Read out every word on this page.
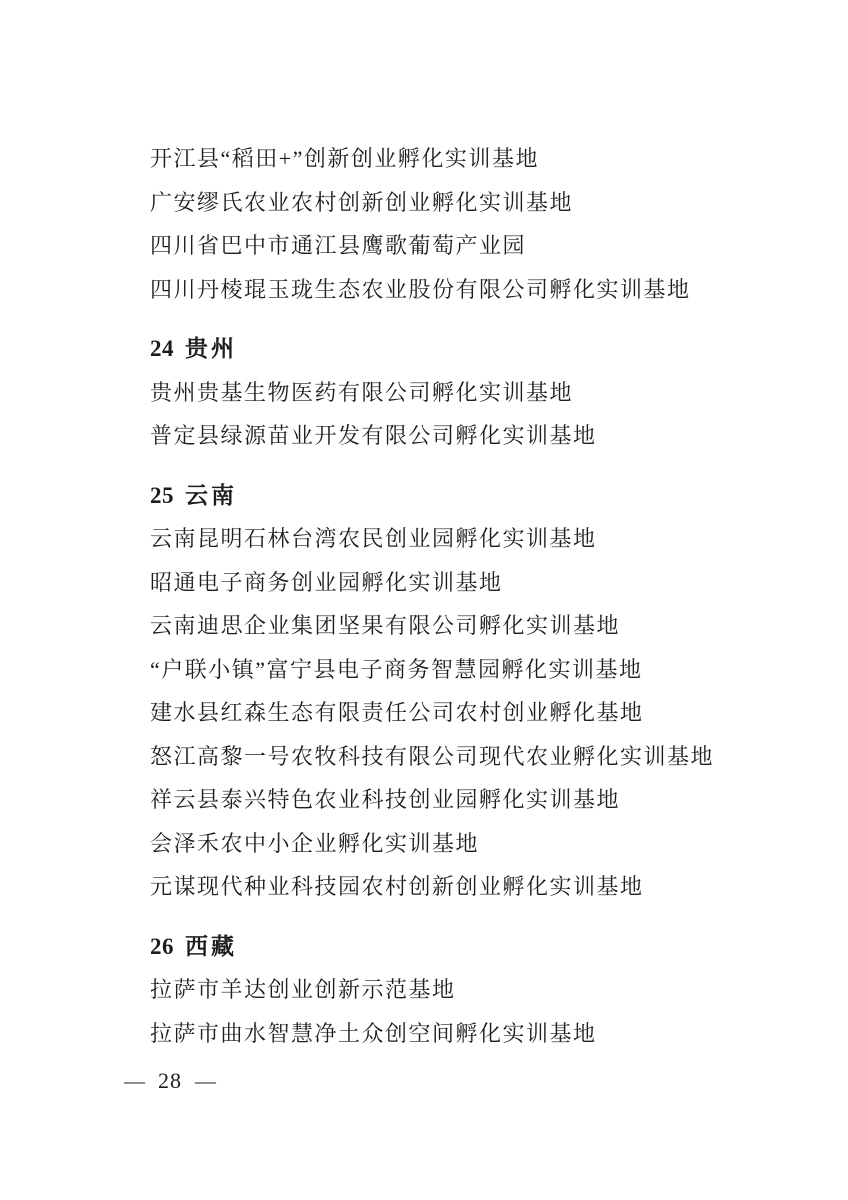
开江县“稻田+”创新创业孵化实训基地

广安缪氏农业农村创新创业孵化实训基地

四川省巴中市通江县鹰歌葡萄产业园

四川丹棱琨玉珑生态农业股份有限公司孵化实训基地

24 贵州

贵州贵基生物医药有限公司孵化实训基地

普定县绿源苗业开发有限公司孵化实训基地

25 云南

云南昆明石林台湾农民创业园孵化实训基地

昭通电子商务创业园孵化实训基地

云南迪思企业集团坚果有限公司孵化实训基地

“户联小镇”富宁县电子商务智慧园孵化实训基地

建水县红森生态有限责任公司农村创业孵化基地

怒江高黎一号农牧科技有限公司现代农业孵化实训基地

祥云县泰兴特色农业科技创业园孵化实训基地

会泽禾农中小企业孵化实训基地

元谋现代种业科技园农村创新创业孵化实训基地

26 西藏

拉萨市羊达创业创新示范基地

拉萨市曲水智慧净土众创空间孵化实训基地

— 28 —
